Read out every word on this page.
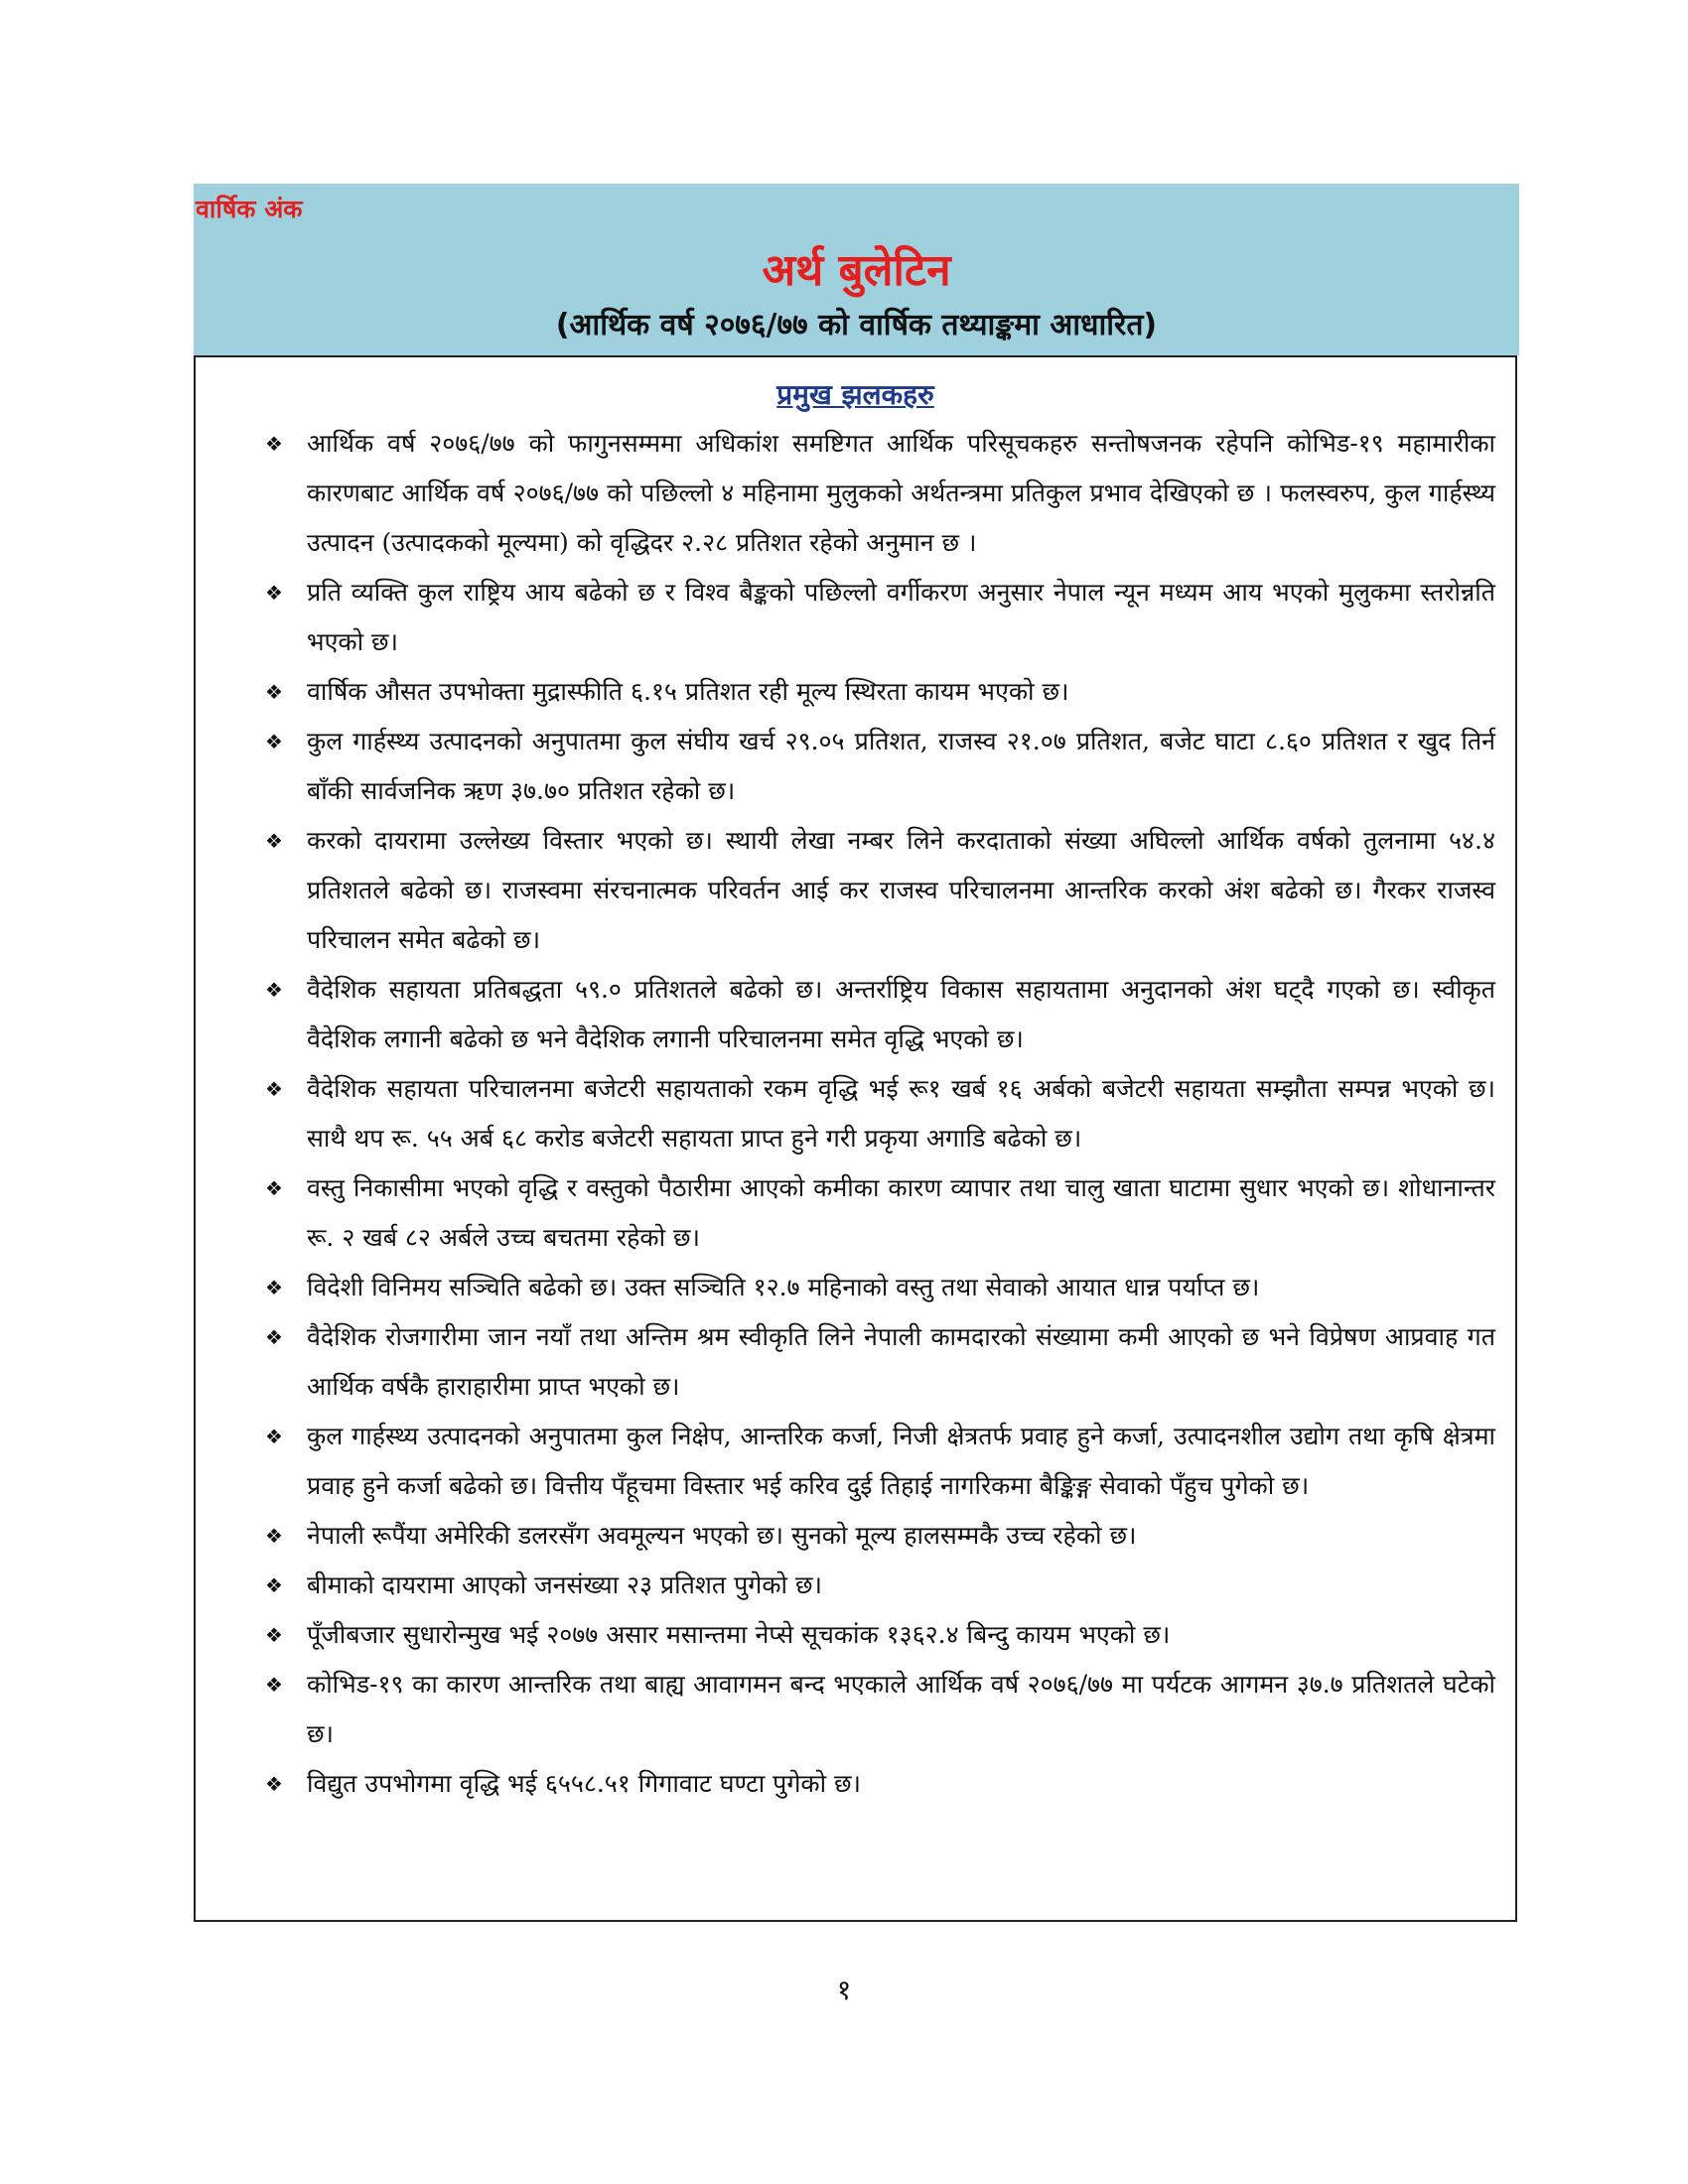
वार्षिक अंक
अर्थ बुलेटिन
(आर्थिक वर्ष २०७६/७७ को वार्षिक तथ्याङ्कमा आधारित)
प्रमुख झलकहरु
❖ आर्थिक वर्ष २०७६/७७ को फागुनसम्ममा अधिकांश समष्टिगत आर्थिक परिसूचकहरु सन्तोषजनक रहेपनि कोभिड-१९ महामारीका कारणबाट आर्थिक वर्ष २०७६/७७ को पछिल्लो ४ महिनामा मुलुकको अर्थतन्त्रमा प्रतिकुल प्रभाव देखिएको छ । फलस्वरुप, कुल गार्हस्थ्य उत्पादन (उत्पादकको मूल्यमा) को वृद्धिदर २.२८ प्रतिशत रहेको अनुमान छ ।
❖ प्रति व्यक्ति कुल राष्ट्रिय आय बढेको छ र विश्व बैङ्कको पछिल्लो वर्गीकरण अनुसार नेपाल न्यून मध्यम आय भएको मुलुकमा स्तरोन्नति भएको छ।
❖ वार्षिक औसत उपभोक्ता मुद्रास्फीति ६.१५ प्रतिशत रही मूल्य स्थिरता कायम भएको छ।
❖ कुल गार्हस्थ्य उत्पादनको अनुपातमा कुल संघीय खर्च २९.०५ प्रतिशत, राजस्व २१.०७ प्रतिशत, बजेट घाटा ८.६० प्रतिशत र खुद तिर्न बाँकी सार्वजनिक ऋण ३७.७० प्रतिशत रहेको छ।
❖ करको दायरामा उल्लेख्य विस्तार भएको छ। स्थायी लेखा नम्बर लिने करदाताको संख्या अघिल्लो आर्थिक वर्षको तुलनामा ५४.४ प्रतिशतले बढेको छ। राजस्वमा संरचनात्मक परिवर्तन आई कर राजस्व परिचालनमा आन्तरिक करको अंश बढेको छ। गैरकर राजस्व परिचालन समेत बढेको छ।
❖ वैदेशिक सहायता प्रतिबद्धता ५९.० प्रतिशतले बढेको छ। अन्तर्राष्ट्रिय विकास सहायतामा अनुदानको अंश घट्दै गएको छ। स्वीकृत वैदेशिक लगानी बढेको छ भने वैदेशिक लगानी परिचालनमा समेत वृद्धि भएको छ।
❖ वैदेशिक सहायता परिचालनमा बजेटरी सहायताको रकम वृद्धि भई रू१ खर्ब १६ अर्बको बजेटरी सहायता सम्झौता सम्पन्न भएको छ। साथै थप रू. ५५ अर्ब ६८ करोड बजेटरी सहायता प्राप्त हुने गरी प्रकृया अगाडि बढेको छ।
❖ वस्तु निकासीमा भएको वृद्धि र वस्तुको पैठारीमा आएको कमीका कारण व्यापार तथा चालु खाता घाटामा सुधार भएको छ। शोधानान्तर रू. २ खर्ब ८२ अर्बले उच्च बचतमा रहेको छ।
❖ विदेशी विनिमय सञ्चिति बढेको छ। उक्त सञ्चिति १२.७ महिनाको वस्तु तथा सेवाको आयात धान्न पर्याप्त छ।
❖ वैदेशिक रोजगारीमा जान नयाँ तथा अन्तिम श्रम स्वीकृति लिने नेपाली कामदारको संख्यामा कमी आएको छ भने विप्रेषण आप्रवाह गत आर्थिक वर्षकै हाराहारीमा प्राप्त भएको छ।
❖ कुल गार्हस्थ्य उत्पादनको अनुपातमा कुल निक्षेप, आन्तरिक कर्जा, निजी क्षेत्रतर्फ प्रवाह हुने कर्जा, उत्पादनशील उद्योग तथा कृषि क्षेत्रमा प्रवाह हुने कर्जा बढेको छ। वित्तीय पँहूचमा विस्तार भई करिव दुई तिहाई नागरिकमा बैङ्किङ्ग सेवाको पँहुच पुगेको छ।
❖ नेपाली रूपैंया अमेरिकी डलरसँग अवमूल्यन भएको छ। सुनको मूल्य हालसम्मकै उच्च रहेको छ।
❖ बीमाको दायरामा आएको जनसंख्या २३ प्रतिशत पुगेको छ।
❖ पूँजीबजार सुधारोन्मुख भई २०७७ असार मसान्तमा नेप्से सूचकांक १३६२.४ बिन्दु कायम भएको छ।
❖ कोभिड-१९ का कारण आन्तरिक तथा बाह्य आवागमन बन्द भएकाले आर्थिक वर्ष २०७६/७७ मा पर्यटक आगमन ३७.७ प्रतिशतले घटेको छ।
❖ विद्युत उपभोगमा वृद्धि भई ६५५८.५१ गिगावाट घण्टा पुगेको छ।
१
